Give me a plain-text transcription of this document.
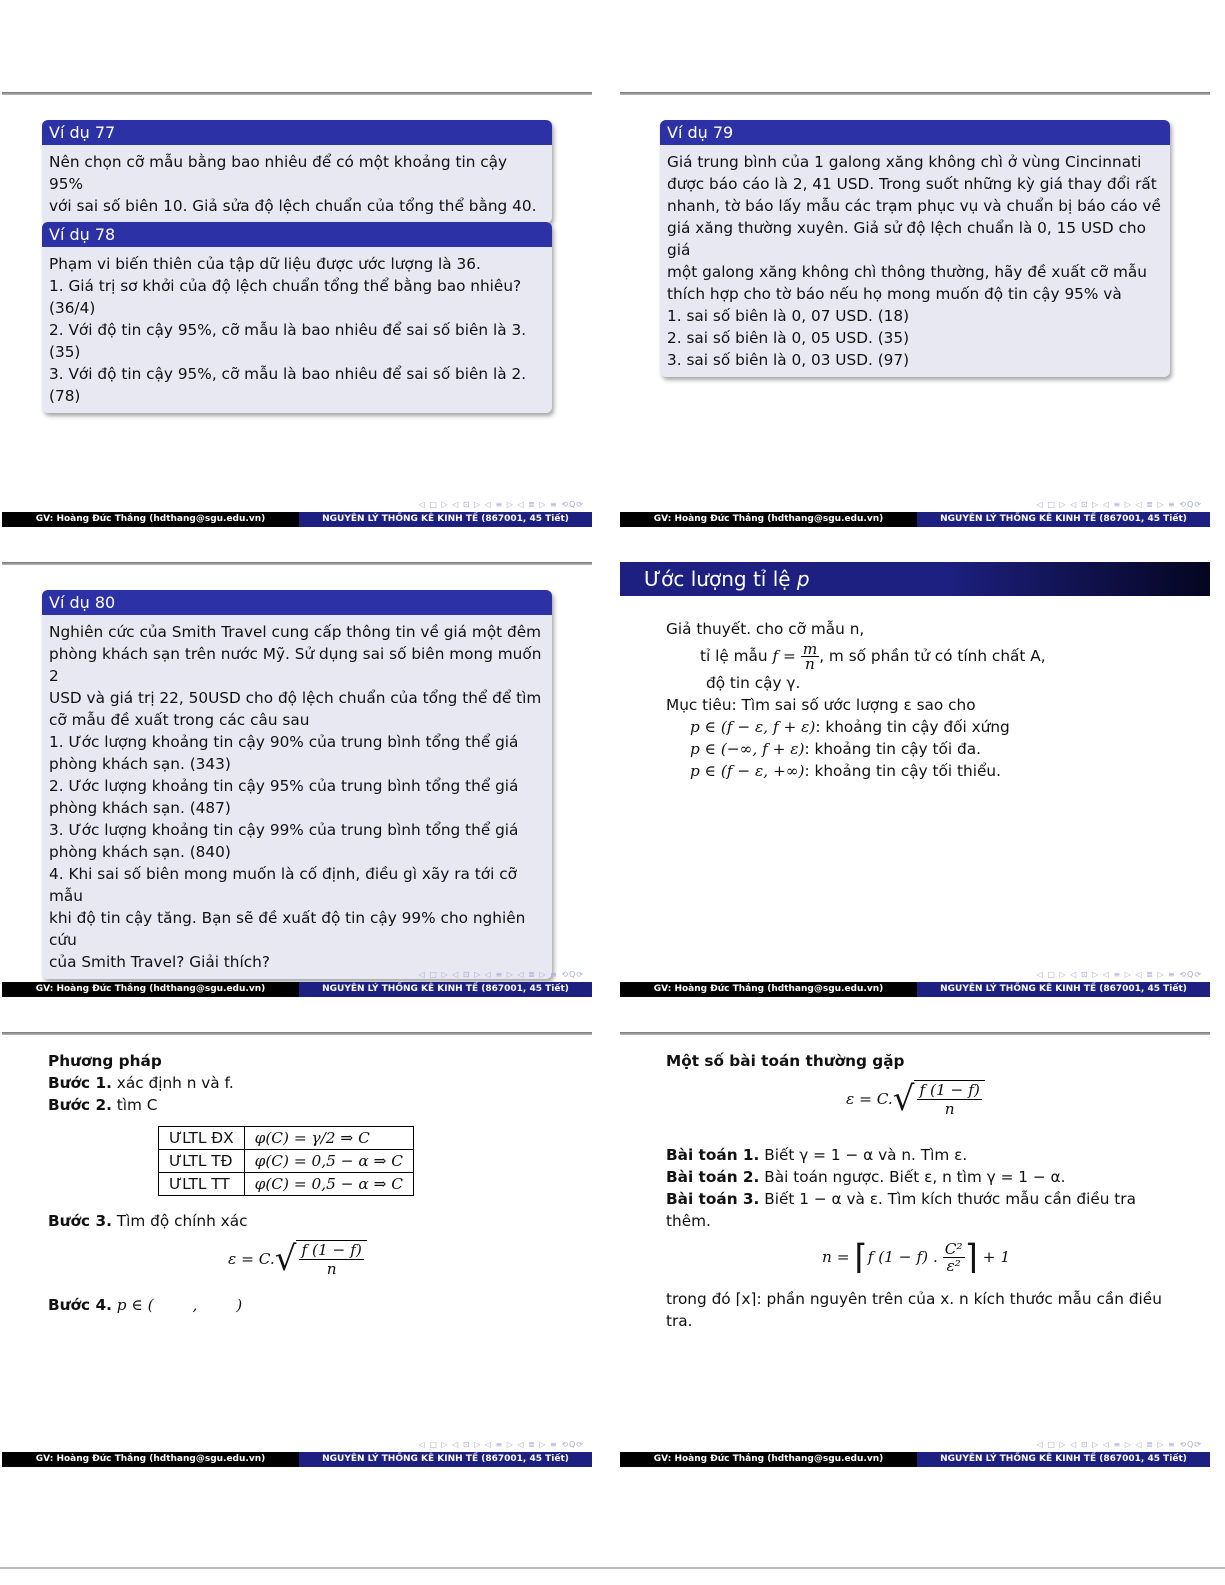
Ví dụ 77

Nên chọn cỡ mẫu bằng bao nhiêu để có một khoảng tin cậy 95%

với sai số biên 10. Giả sửa độ lệch chuẩn của tổng thể bằng 40.

Ví dụ 78

Phạm vi biến thiên của tập dữ liệu được ước lượng là 36.

1. Giá trị sơ khởi của độ lệch chuẩn tổng thể bằng bao nhiêu?

(36/4)

2. Với độ tin cậy 95%, cỡ mẫu là bao nhiêu để sai số biên là 3. (35)

3. Với độ tin cậy 95%, cỡ mẫu là bao nhiêu để sai số biên là 2. (78)

◁ □ ▷ ◁ ⊡ ▷ ◁ ≡ ▷ ◁ ≣ ▷ ≡ ⟲Q⟳
GV: Hoàng Đức Thắng (hdthang@sgu.edu.vn)	NGUYÊN LÝ THỐNG KÊ KINH TẾ (867001, 45 Tiết)
Ví dụ 79

Giá trung bình của 1 galong xăng không chì ở vùng Cincinnati

được báo cáo là 2, 41 USD. Trong suốt những kỳ giá thay đổi rất

nhanh, tờ báo lấy mẫu các trạm phục vụ và chuẩn bị báo cáo về

giá xăng thường xuyên. Giả sử độ lệch chuẩn là 0, 15 USD cho giá

một galong xăng không chì thông thường, hãy đề xuất cỡ mẫu

thích hợp cho tờ báo nếu họ mong muốn độ tin cậy 95% và

1. sai số biên là 0, 07 USD. (18)

2. sai số biên là 0, 05 USD. (35)

3. sai số biên là 0, 03 USD. (97)

◁ □ ▷ ◁ ⊡ ▷ ◁ ≡ ▷ ◁ ≣ ▷ ≡ ⟲Q⟳
GV: Hoàng Đức Thắng (hdthang@sgu.edu.vn)	NGUYÊN LÝ THỐNG KÊ KINH TẾ (867001, 45 Tiết)
Ví dụ 80

Nghiên cức của Smith Travel cung cấp thông tin về giá một đêm

phòng khách sạn trên nước Mỹ. Sử dụng sai số biên mong muốn 2

USD và giá trị 22, 50USD cho độ lệch chuẩn của tổng thể để tìm

cỡ mẫu đề xuất trong các câu sau

1. Ước lượng khoảng tin cậy 90% của trung bình tổng thể giá

phòng khách sạn. (343)

2. Ước lượng khoảng tin cậy 95% của trung bình tổng thể giá

phòng khách sạn. (487)

3. Ước lượng khoảng tin cậy 99% của trung bình tổng thể giá

phòng khách sạn. (840)

4. Khi sai số biên mong muốn là cố định, điều gì xãy ra tới cỡ mẫu

khi độ tin cậy tăng. Bạn sẽ đề xuất độ tin cậy 99% cho nghiên cứu

của Smith Travel? Giải thích?

◁ □ ▷ ◁ ⊡ ▷ ◁ ≡ ▷ ◁ ≣ ▷ ≡ ⟲Q⟳
GV: Hoàng Đức Thắng (hdthang@sgu.edu.vn)	NGUYÊN LÝ THỐNG KÊ KINH TẾ (867001, 45 Tiết)
Ước lượng tỉ lệ p
Giả thuyết. cho cỡ mẫu n,
tỉ lệ mẫu $f = \frac{m}{n}$ , m số phần tử có tính chất A,
độ tin cậy γ.
Mục tiêu: Tìm sai số ước lượng ε sao cho
p ∈ (f − ε, f + ε): khoảng tin cậy đối xứng
p ∈ (−∞, f + ε): khoảng tin cậy tối đa.
p ∈ (f − ε, +∞): khoảng tin cậy tối thiểu.
◁ □ ▷ ◁ ⊡ ▷ ◁ ≡ ▷ ◁ ≣ ▷ ≡ ⟲Q⟳
GV: Hoàng Đức Thắng (hdthang@sgu.edu.vn)	NGUYÊN LÝ THỐNG KÊ KINH TẾ (867001, 45 Tiết)
Phương pháp
Bước 1. xác định n và f.
Bước 2. tìm C
ƯLTL ĐX	φ(C) = γ/2 ⇒ C
ƯLTL TĐ	φ(C) = 0,5 − α ⇒ C
ƯLTL TT	φ(C) = 0,5 − α ⇒ C
Bước 3. Tìm độ chính xác
$\varepsilon = C.√ \frac{f (1 - f)}{n}$
Bước 4. p ∈ (        ,        )
◁ □ ▷ ◁ ⊡ ▷ ◁ ≡ ▷ ◁ ≣ ▷ ≡ ⟲Q⟳
GV: Hoàng Đức Thắng (hdthang@sgu.edu.vn)	NGUYÊN LÝ THỐNG KÊ KINH TẾ (867001, 45 Tiết)
Một số bài toán thường gặp
$\varepsilon = C.√ \frac{f (1 - f)}{n}$
Bài toán 1. Biết γ = 1 − α và n. Tìm ε.
Bài toán 2. Bài toán ngược. Biết ε, n tìm γ = 1 − α.
Bài toán 3. Biết 1 − α và ε. Tìm kích thước mẫu cần điều tra
thêm.
n = ⌈f (1 − f) . $\frac{\text{C²}}{\text{ε²}}$ ⌉ + 1
trong đó ⌈x⌉: phần nguyên trên của x. n kích thước mẫu cần điều
tra.
◁ □ ▷ ◁ ⊡ ▷ ◁ ≡ ▷ ◁ ≣ ▷ ≡ ⟲Q⟳
GV: Hoàng Đức Thắng (hdthang@sgu.edu.vn)	NGUYÊN LÝ THỐNG KÊ KINH TẾ (867001, 45 Tiết)
